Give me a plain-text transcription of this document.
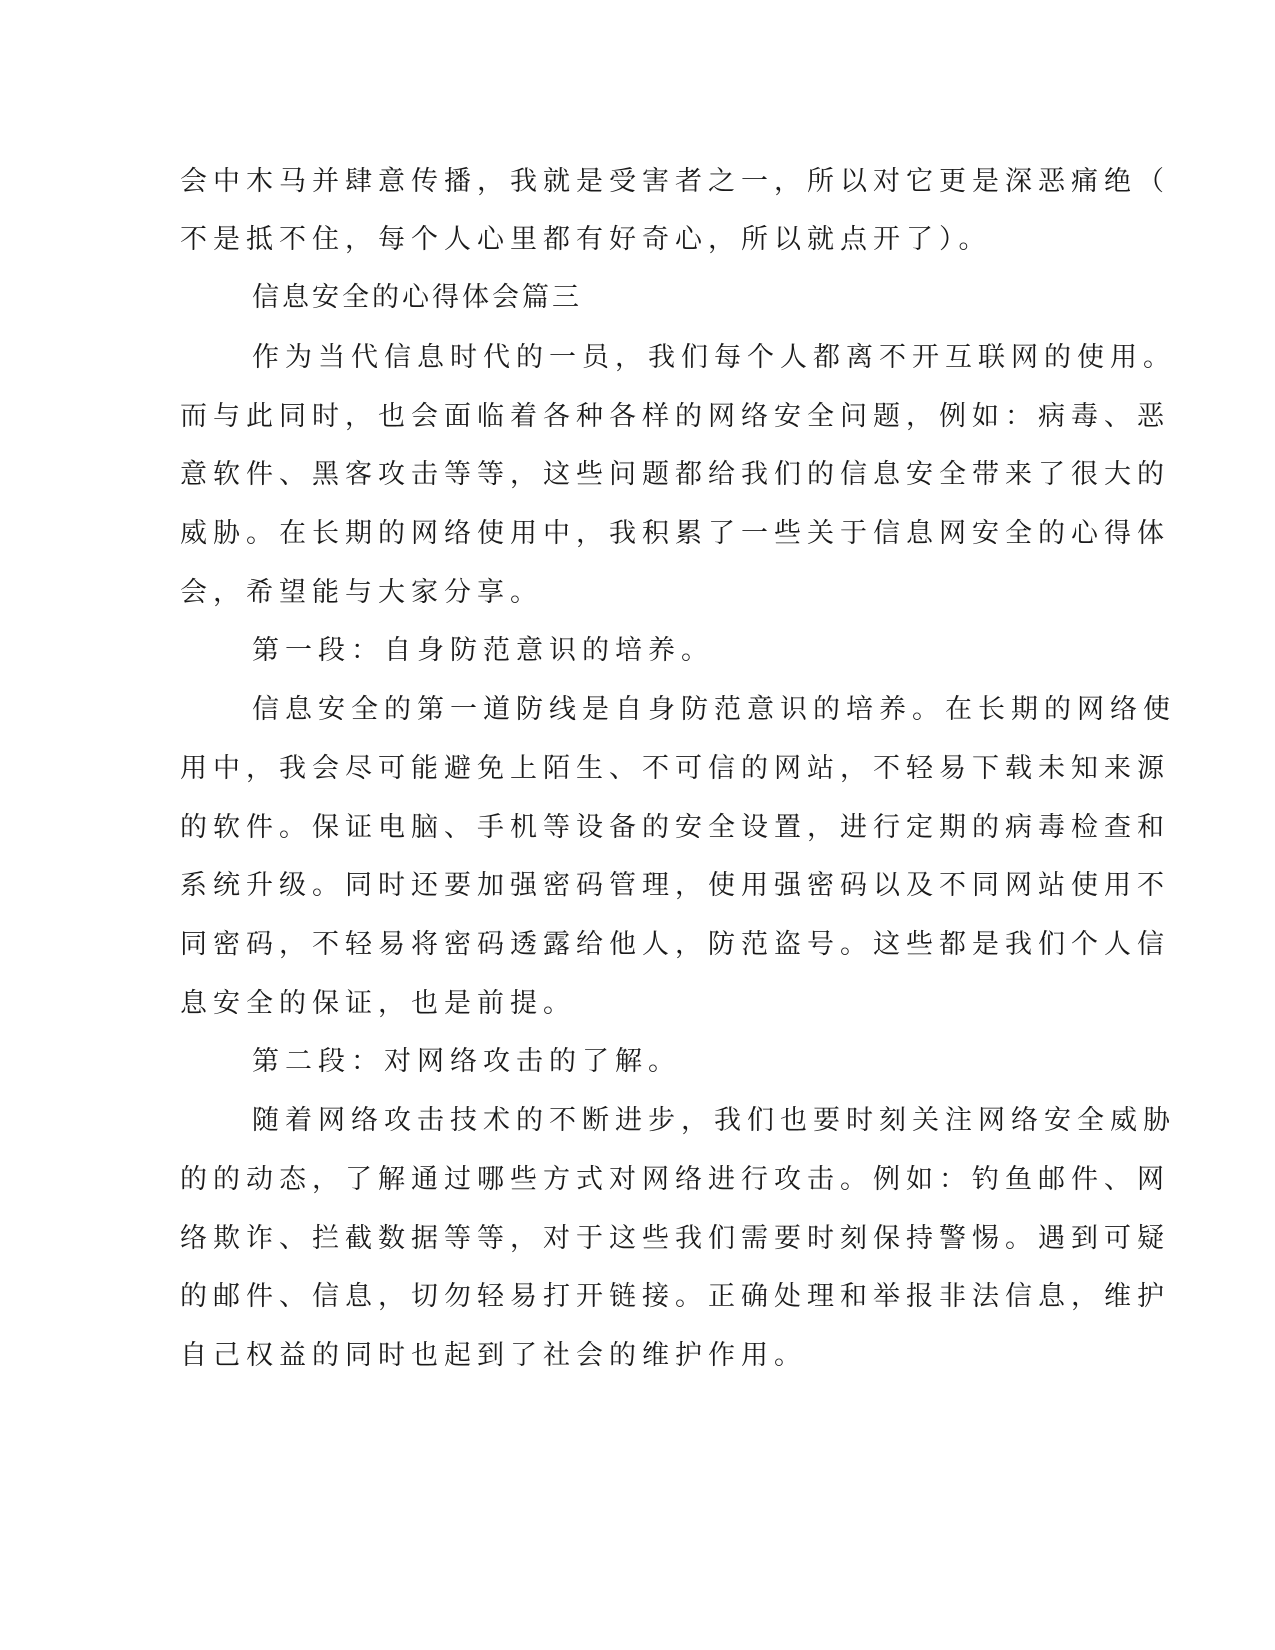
会中木马并肆意传播，我就是受害者之一，所以对它更是深恶痛绝（
不是抵不住，每个人心里都有好奇心，所以就点开了）。
信息安全的心得体会篇三
作为当代信息时代的一员，我们每个人都离不开互联网的使用。
而与此同时，也会面临着各种各样的网络安全问题，例如：病毒、恶
意软件、黑客攻击等等，这些问题都给我们的信息安全带来了很大的
威胁。在长期的网络使用中，我积累了一些关于信息网安全的心得体
会，希望能与大家分享。
第一段：自身防范意识的培养。
信息安全的第一道防线是自身防范意识的培养。在长期的网络使
用中，我会尽可能避免上陌生、不可信的网站，不轻易下载未知来源
的软件。保证电脑、手机等设备的安全设置，进行定期的病毒检查和
系统升级。同时还要加强密码管理，使用强密码以及不同网站使用不
同密码，不轻易将密码透露给他人，防范盗号。这些都是我们个人信
息安全的保证，也是前提。
第二段：对网络攻击的了解。
随着网络攻击技术的不断进步，我们也要时刻关注网络安全威胁
的的动态，了解通过哪些方式对网络进行攻击。例如：钓鱼邮件、网
络欺诈、拦截数据等等，对于这些我们需要时刻保持警惕。遇到可疑
的邮件、信息，切勿轻易打开链接。正确处理和举报非法信息，维护
自己权益的同时也起到了社会的维护作用。
